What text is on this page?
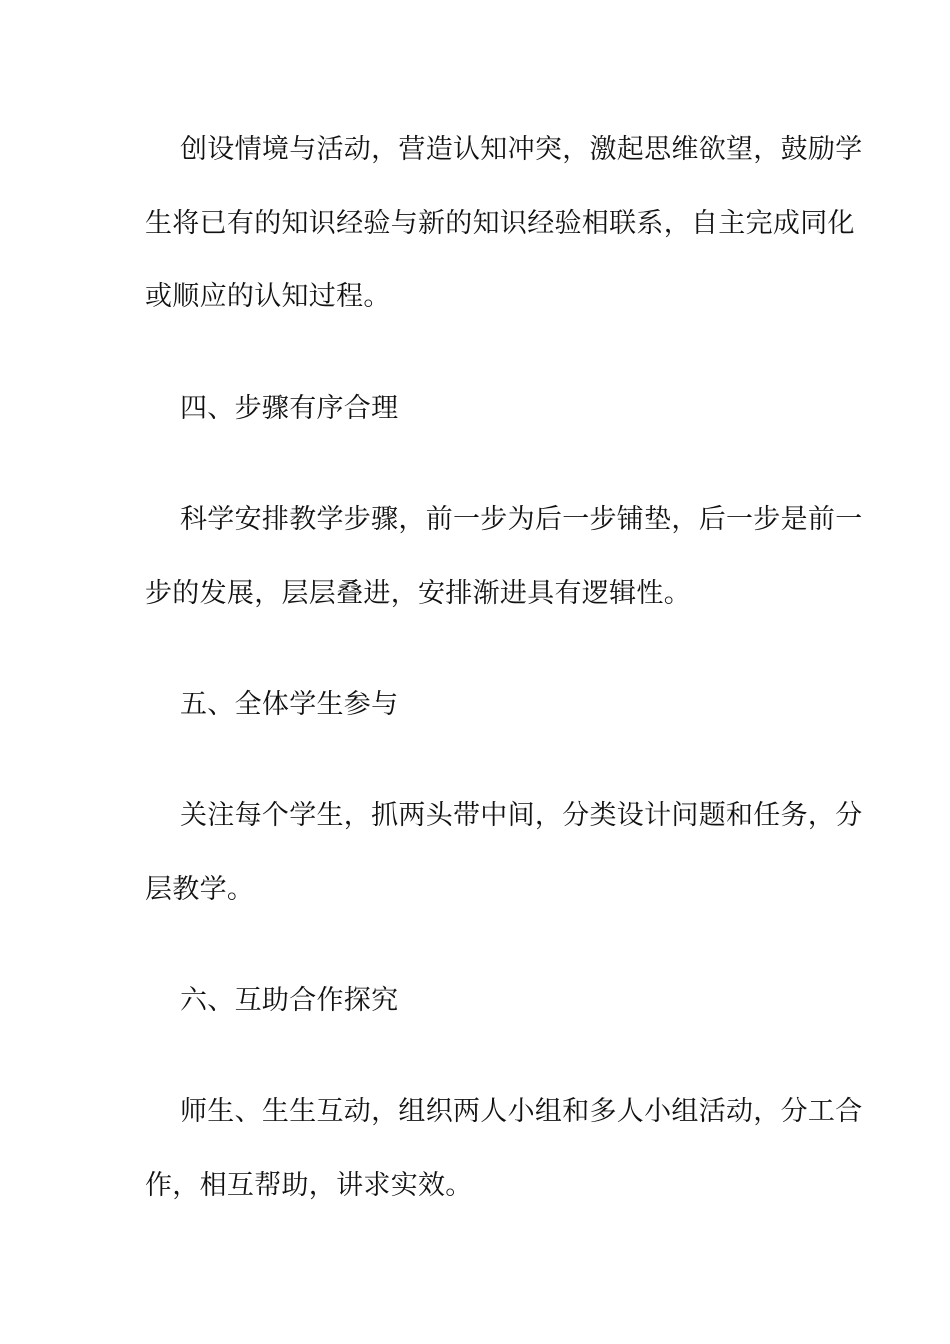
创设情境与活动，营造认知冲突，激起思维欲望，鼓励学
生将已有的知识经验与新的知识经验相联系，自主完成同化
或顺应的认知过程。
四、步骤有序合理
科学安排教学步骤，前一步为后一步铺垫，后一步是前一
步的发展，层层叠进，安排渐进具有逻辑性。
五、全体学生参与
关注每个学生，抓两头带中间，分类设计问题和任务，分
层教学。
六、互助合作探究
师生、生生互动，组织两人小组和多人小组活动，分工合
作，相互帮助，讲求实效。
